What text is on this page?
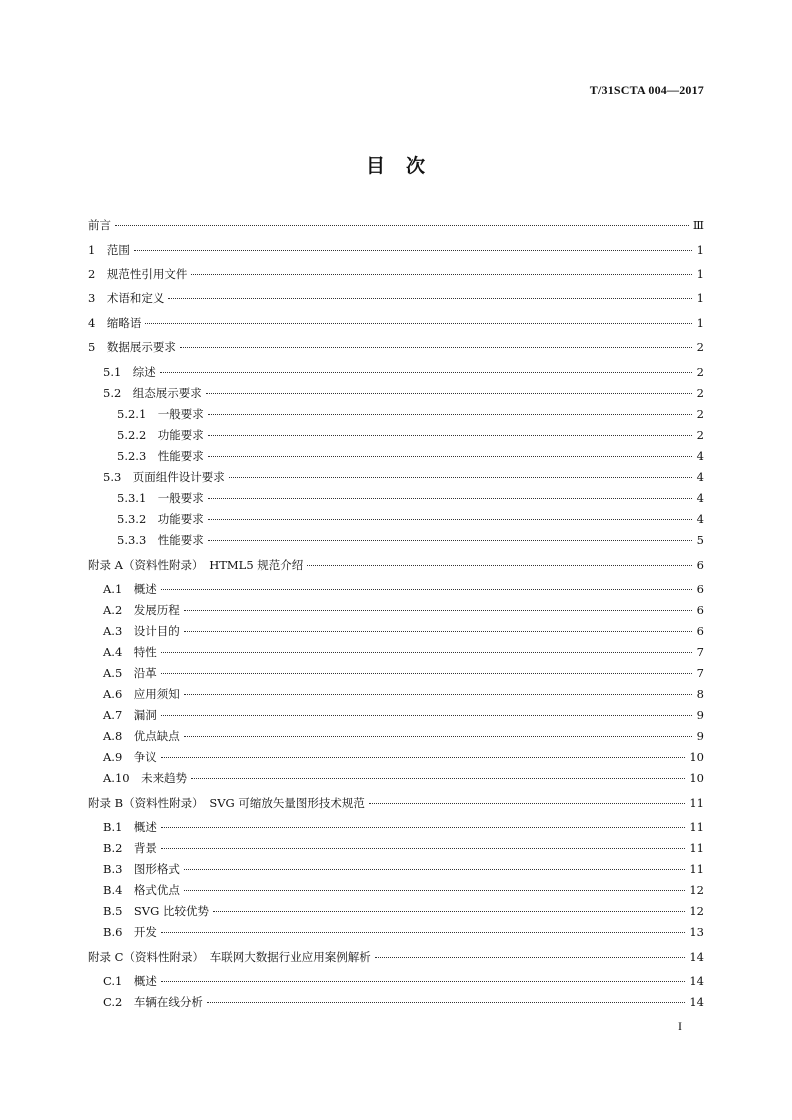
T/31SCTA 004—2017
目　次
前言	Ⅲ
1　范围	1
2　规范性引用文件	1
3　术语和定义	1
4　缩略语	1
5　数据展示要求	2
5.1　综述	2
5.2　组态展示要求	2
5.2.1　一般要求	2
5.2.2　功能要求	2
5.2.3　性能要求	4
5.3　页面组件设计要求	4
5.3.1　一般要求	4
5.3.2　功能要求	4
5.3.3　性能要求	5
附录 A（资料性附录）　HTML5 规范介绍	6
A.1　概述	6
A.2　发展历程	6
A.3　设计目的	6
A.4　特性	7
A.5　沿革	7
A.6　应用须知	8
A.7　漏洞	9
A.8　优点缺点	9
A.9　争议	10
A.10　未来趋势	10
附录 B（资料性附录）　SVG 可缩放矢量图形技术规范	11
B.1　概述	11
B.2　背景	11
B.3　图形格式	11
B.4　格式优点	12
B.5　SVG 比较优势	12
B.6　开发	13
附录 C（资料性附录）　车联网大数据行业应用案例解析	14
C.1　概述	14
C.2　车辆在线分析	14
I
